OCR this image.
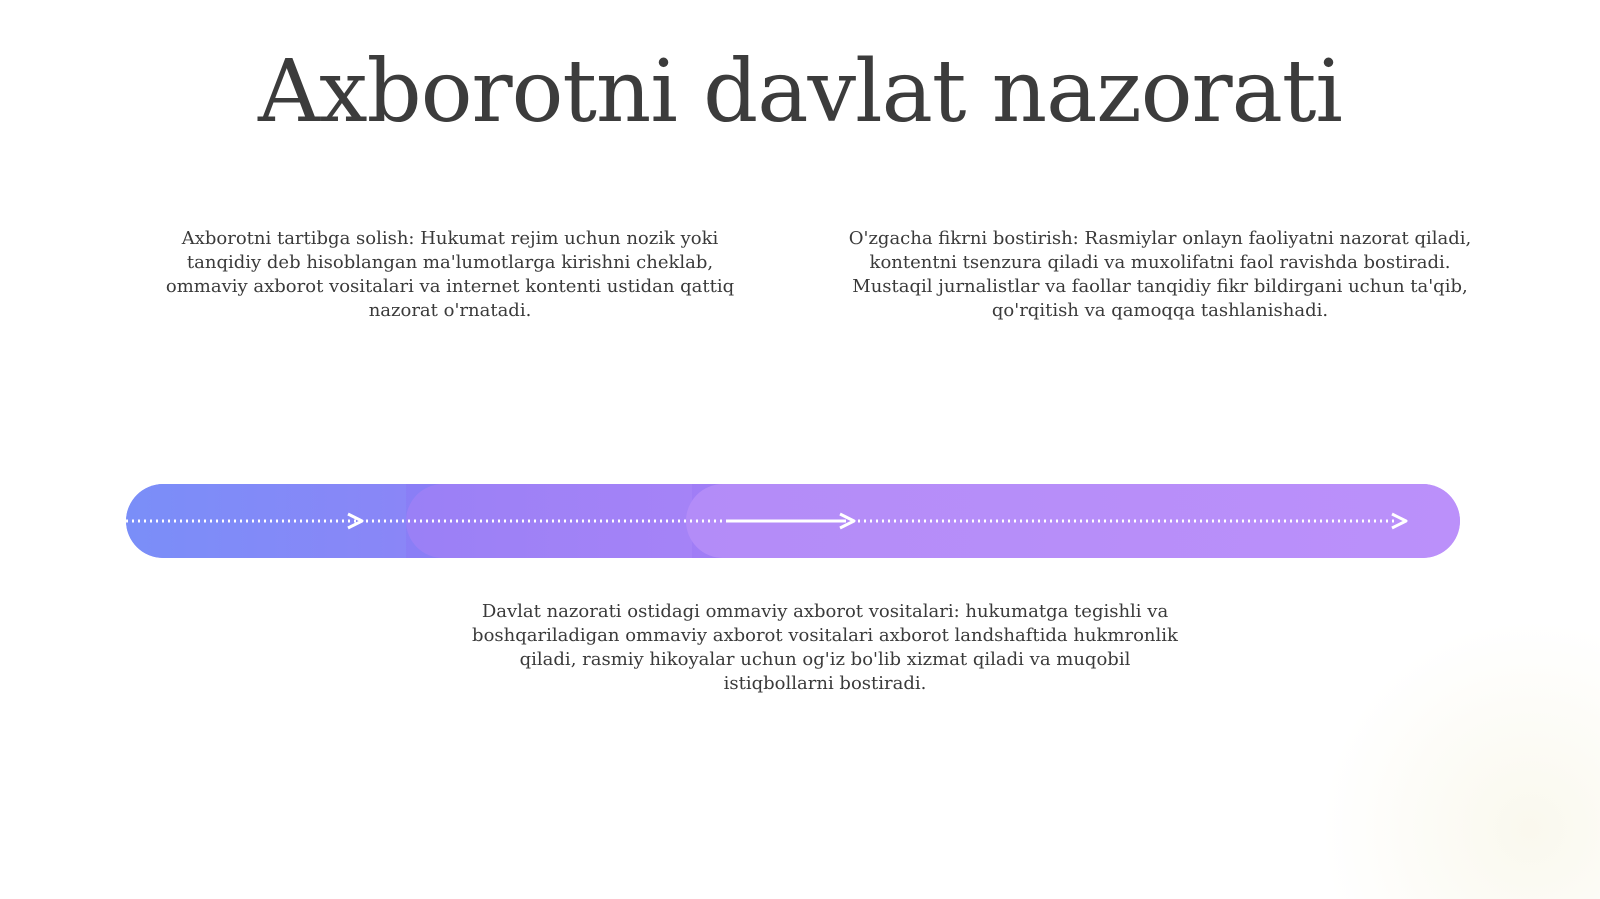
Axborotni davlat nazorati

Axborotni tartibga solish: Hukumat rejim uchun nozik yoki tanqidiy deb hisoblangan ma'lumotlarga kirishni cheklab, ommaviy axborot vositalari va internet kontenti ustidan qattiq nazorat o'rnatadi.

O'zgacha fikrni bostirish: Rasmiylar onlayn faoliyatni nazorat qiladi, kontentni tsenzura qiladi va muxolifatni faol ravishda bostiradi. Mustaqil jurnalistlar va faollar tanqidiy fikr bildirgani uchun ta'qib, qo'rqitish va qamoqqa tashlanishadi.

Davlat nazorati ostidagi ommaviy axborot vositalari: hukumatga tegishli va boshqariladigan ommaviy axborot vositalari axborot landshaftida hukmronlik qiladi, rasmiy hikoyalar uchun og'iz bo'lib xizmat qiladi va muqobil istiqbollarni bostiradi.
